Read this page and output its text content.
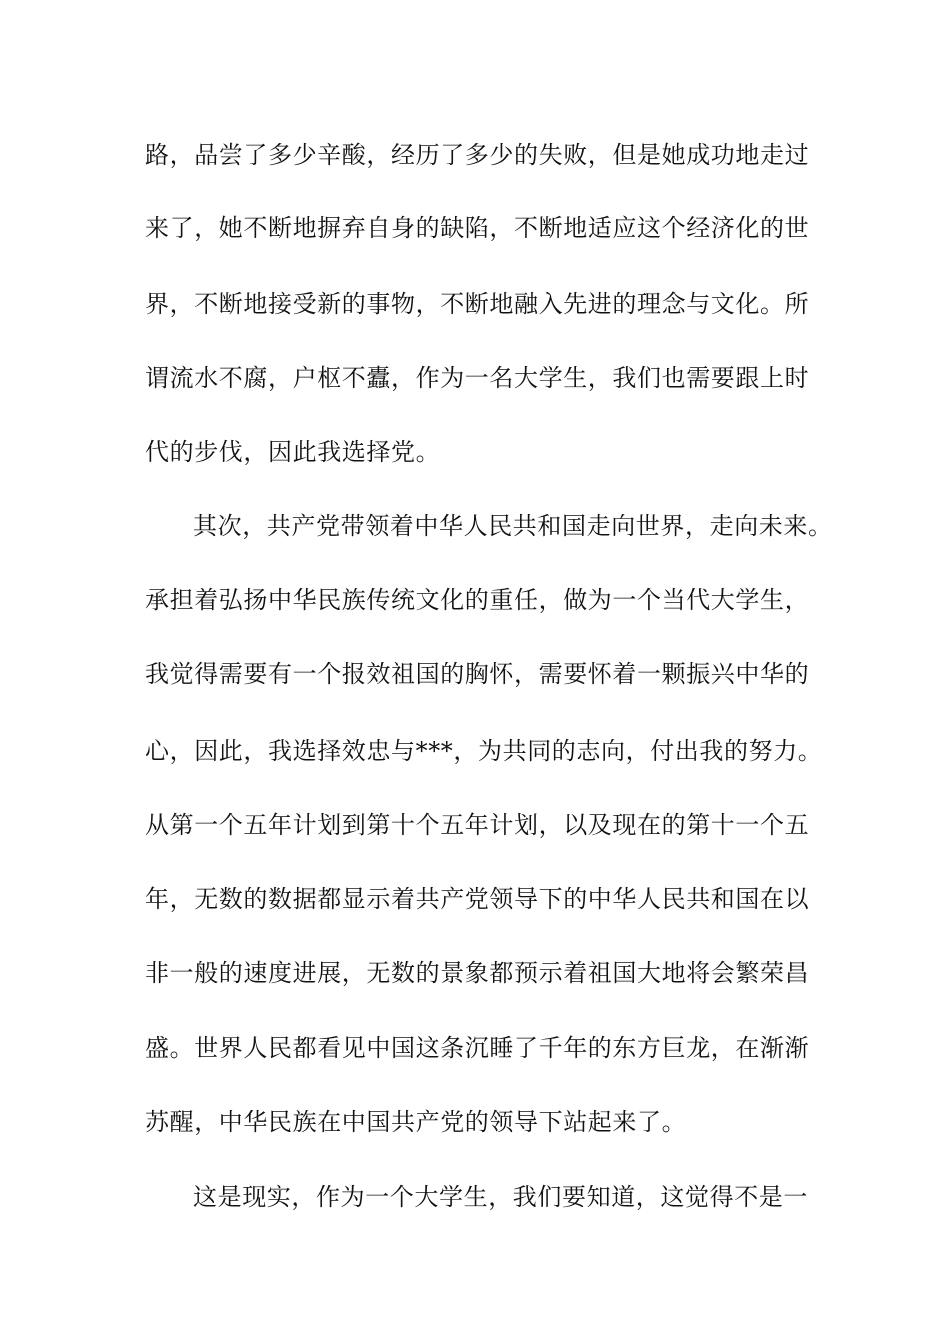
路，品尝了多少辛酸，经历了多少的失败，但是她成功地走过
来了，她不断地摒弃自身的缺陷，不断地适应这个经济化的世
界，不断地接受新的事物，不断地融入先进的理念与文化。所
谓流水不腐，户枢不蠹，作为一名大学生，我们也需要跟上时
代的步伐，因此我选择党。
其次，共产党带领着中华人民共和国走向世界，走向未来。
承担着弘扬中华民族传统文化的重任，做为一个当代大学生，
我觉得需要有一个报效祖国的胸怀，需要怀着一颗振兴中华的
心，因此，我选择效忠与***，为共同的志向，付出我的努力。
从第一个五年计划到第十个五年计划，以及现在的第十一个五
年，无数的数据都显示着共产党领导下的中华人民共和国在以
非一般的速度进展，无数的景象都预示着祖国大地将会繁荣昌
盛。世界人民都看见中国这条沉睡了千年的东方巨龙，在渐渐
苏醒，中华民族在中国共产党的领导下站起来了。
这是现实，作为一个大学生，我们要知道，这觉得不是一
